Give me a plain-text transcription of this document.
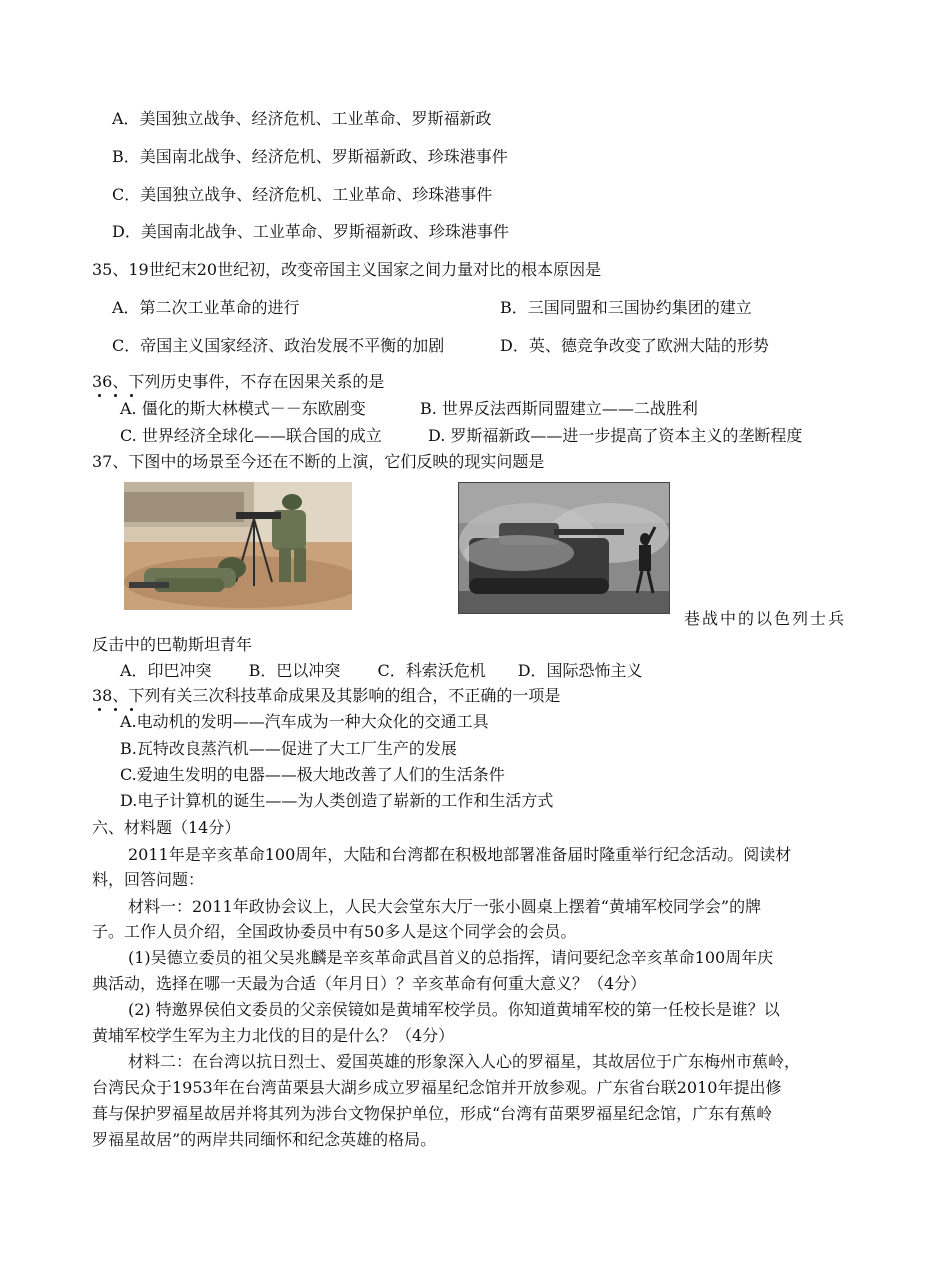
A．美国独立战争、经济危机、工业革命、罗斯福新政
B．美国南北战争、经济危机、罗斯福新政、珍珠港事件
C．美国独立战争、经济危机、工业革命、珍珠港事件
D．美国南北战争、工业革命、罗斯福新政、珍珠港事件
35、19世纪末20世纪初，改变帝国主义国家之间力量对比的根本原因是
A．第二次工业革命的进行	B．三国同盟和三国协约集团的建立
C．帝国主义国家经济、政治发展不平衡的加剧	D．英、德竞争改变了欧洲大陆的形势
36、下列历史事件，不存在
因果关系的是
A. 僵化的斯大林模式－－东欧剧变	B. 世界反法西斯同盟建立——二战胜利
C. 世界经济全球化——联合国的成立	D. 罗斯福新政——进一步提高了资本主义的垄断程度
37、下图中的场景至今还在不断的上演，它们反映的现实问题是
巷战中的以色列士兵
反击中的巴勒斯坦青年
A．印巴冲突　　 B．巴以冲突　　 C．科索沃危机　　D．国际恐怖主义
38、下列有关三次科技革命成果及其影响的组合，不正确
的一项是
A.电动机的发明——汽车成为一种大众化的交通工具
B.瓦特改良蒸汽机——促进了大工厂生产的发展
C.爱迪生发明的电器——极大地改善了人们的生活条件
D.电子计算机的诞生——为人类创造了崭新的工作和生活方式
六、材料题（14分）
2011年是辛亥革命100周年，大陆和台湾都在积极地部署准备届时隆重举行纪念活动。阅读材
料，回答问题：
材料一：2011年政协会议上，人民大会堂东大厅一张小圆桌上摆着“黄埔军校同学会”的牌
子。工作人员介绍，全国政协委员中有50多人是这个同学会的会员。
(1)吴德立委员的祖父吴兆麟是辛亥革命武昌首义的总指挥，请问要纪念辛亥革命100周年庆
典活动，选择在哪一天最为合适（年月日）？辛亥革命有何重大意义？（4分）
(2) 特邀界侯伯文委员的父亲侯镜如是黄埔军校学员。你知道黄埔军校的第一任校长是谁？以
黄埔军校学生军为主力北伐的目的是什么？（4分）
材料二：在台湾以抗日烈士、爱国英雄的形象深入人心的罗福星，其故居位于广东梅州市蕉岭，
台湾民众于1953年在台湾苗栗县大湖乡成立罗福星纪念馆并开放参观。广东省台联2010年提出修
葺与保护罗福星故居并将其列为涉台文物保护单位，形成“台湾有苗栗罗福星纪念馆，广东有蕉岭
罗福星故居”的两岸共同缅怀和纪念英雄的格局。
